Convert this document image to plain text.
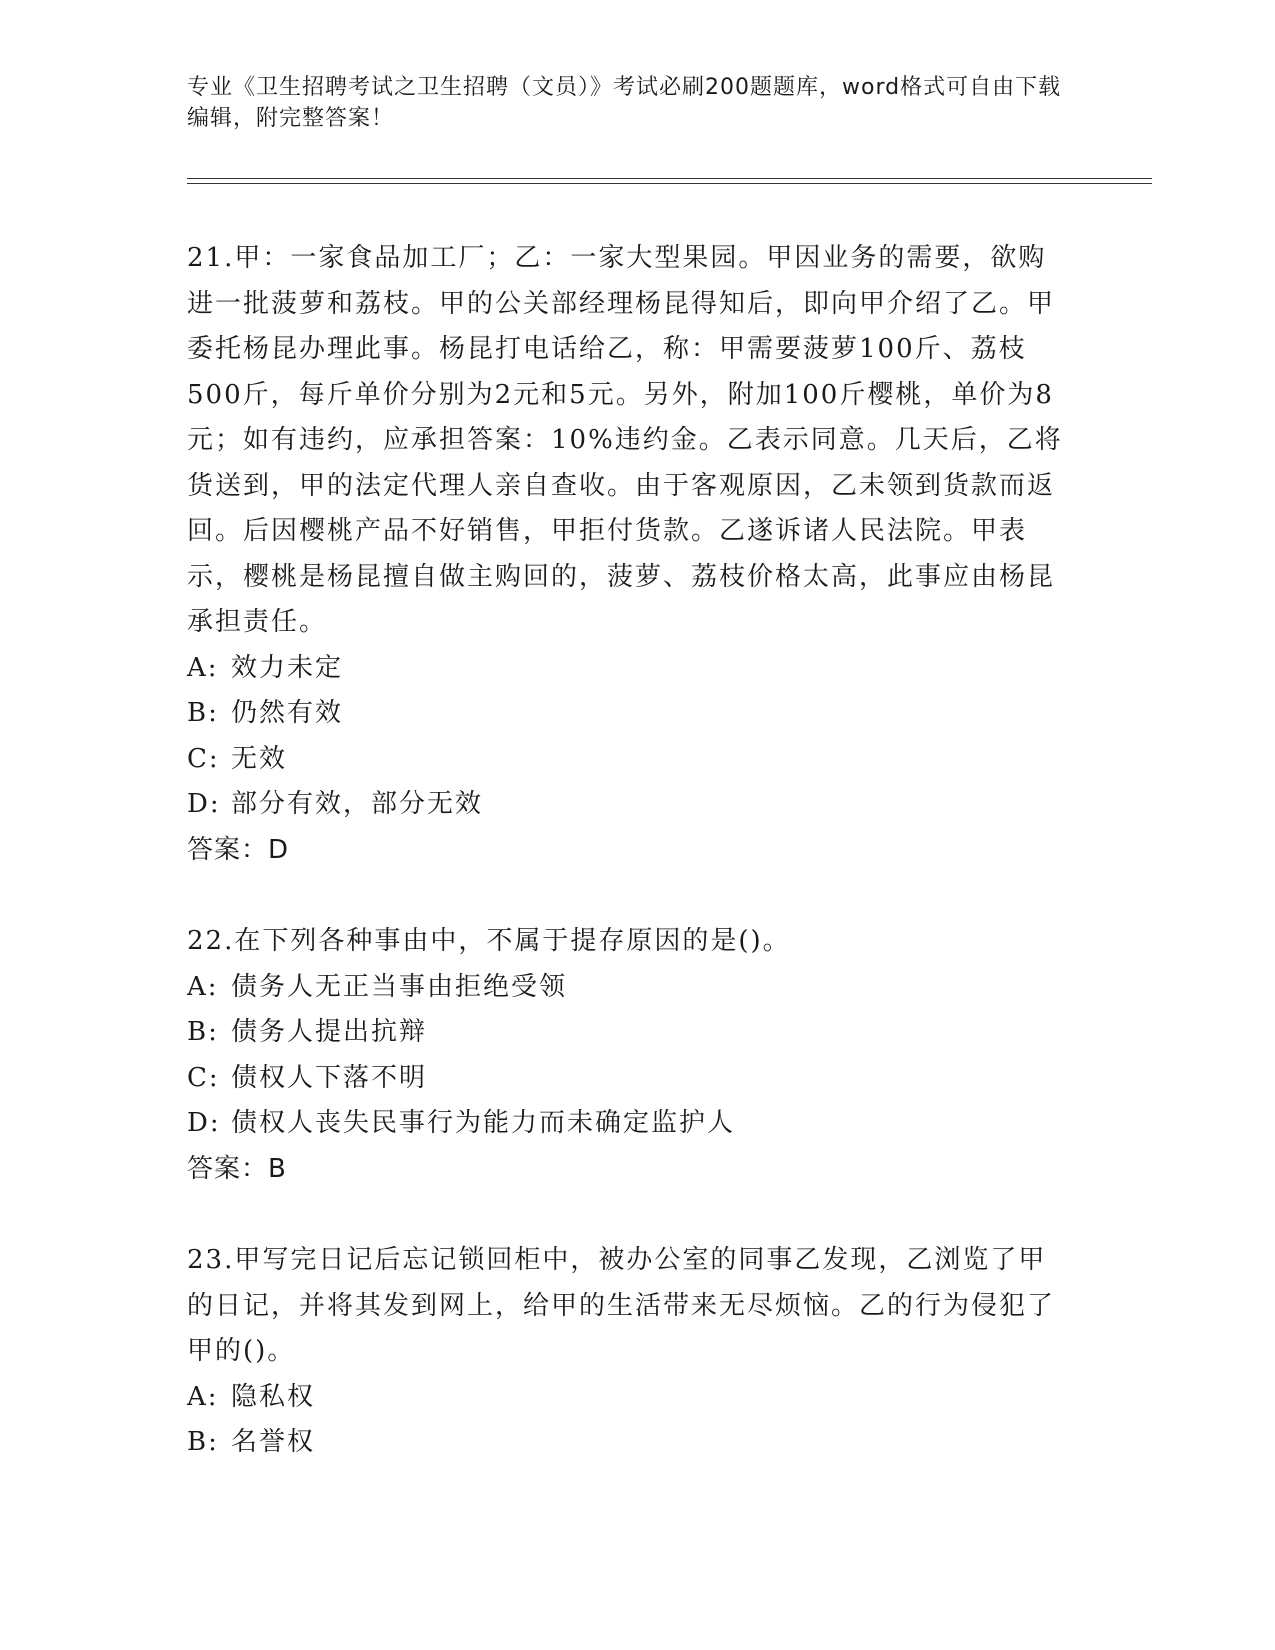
专业《卫生招聘考试之卫生招聘（文员）》考试必刷200题题库，word格式可自由下载编辑，附完整答案！

21.甲：一家食品加工厂；乙：一家大型果园。甲因业务的需要，欲购进一批菠萝和荔枝。甲的公关部经理杨昆得知后，即向甲介绍了乙。甲委托杨昆办理此事。杨昆打电话给乙，称：甲需要菠萝100斤、荔枝500斤，每斤单价分别为2元和5元。另外，附加100斤樱桃，单价为8元；如有违约，应承担答案：10%违约金。乙表示同意。几天后，乙将货送到，甲的法定代理人亲自查收。由于客观原因，乙未领到货款而返回。后因樱桃产品不好销售，甲拒付货款。乙遂诉诸人民法院。甲表示，樱桃是杨昆擅自做主购回的，菠萝、荔枝价格太高，此事应由杨昆承担责任。

A: 效力未定
B: 仍然有效
C: 无效
D: 部分有效，部分无效
答案：D

22.在下列各种事由中，不属于提存原因的是()。

A: 债务人无正当事由拒绝受领
B: 债务人提出抗辩
C: 债权人下落不明
D: 债权人丧失民事行为能力而未确定监护人
答案：B

23.甲写完日记后忘记锁回柜中，被办公室的同事乙发现，乙浏览了甲的日记，并将其发到网上，给甲的生活带来无尽烦恼。乙的行为侵犯了甲的()。

A: 隐私权
B: 名誉权
